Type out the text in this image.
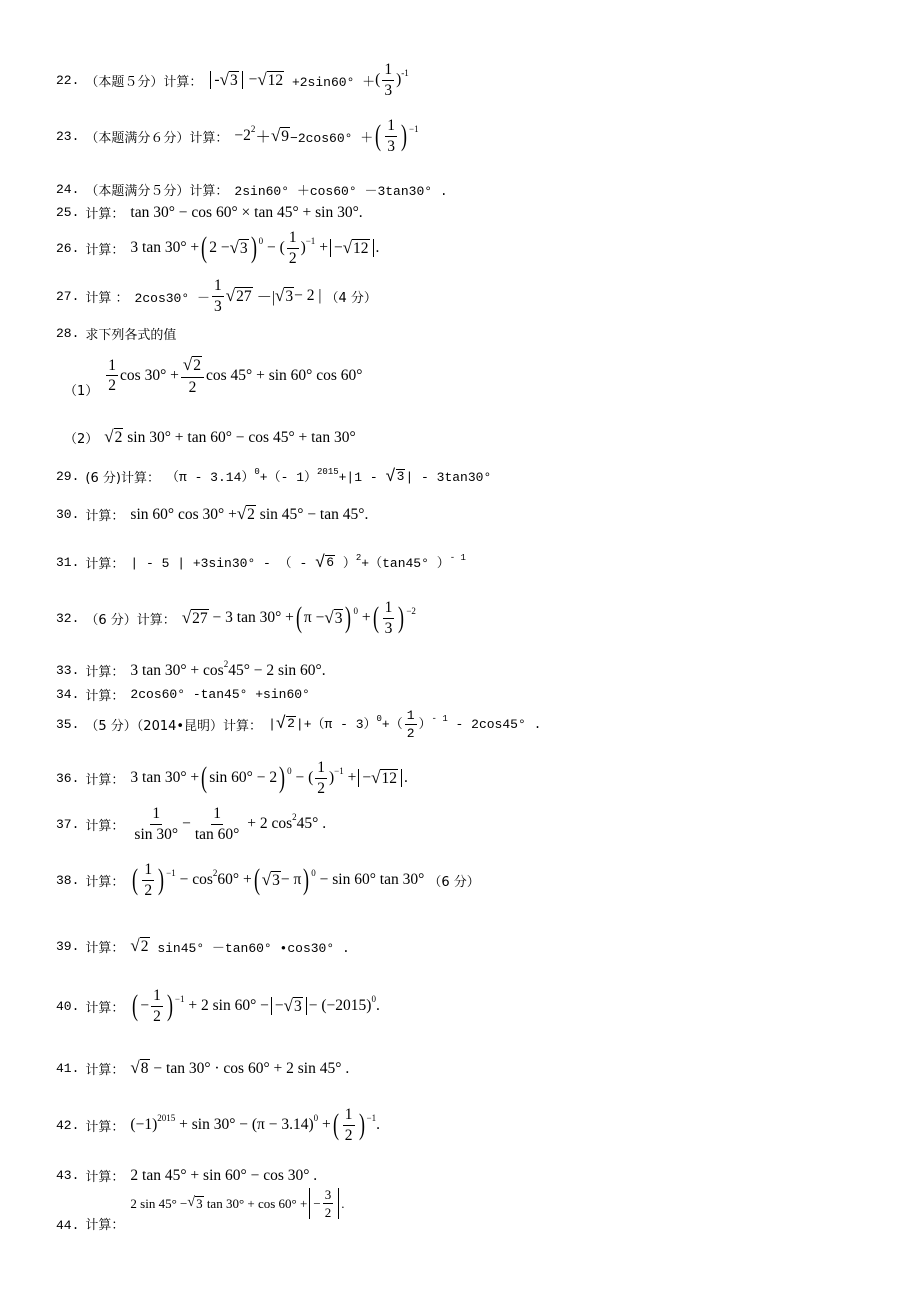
22. （本题５分）计算： - √ 3 − √ 12 +2sin60° ＋ ( $\frac{1}{3} )^{-1}$
23. （本题满分６分）计算： $-2^2$ ＋ √ 9 −2cos60° ＋ ( $\frac{1}{3} )^{-1}$
24. （本题满分５分）计算： 2sin60° ＋cos60° －3tan30° .
25. 计算： tan 30° − cos 60° × tan 45° + sin 30°.
26. 计算： 3 tan 30° + ( 2 − √ 3 )$^0$ − ( $\frac{1}{2} )^{-1}$ + − √ 12 .
27. 计算 ： $2\cos 30^\circ - \frac{1}{3}$ √ 27 －| √ 3 − 2 | （4 分）
28. 求下列各式的值
$(1) \frac{1}{2}$ $\cos 30^\circ + \frac{√ 2}{2}$ cos 45° + sin 60° cos 60°
（2） √ 2 sin 30° + tan 60° − cos 45° + tan 30°
29. (6 分)计算： （π - 3.14）$^0$+（- 1）$^{2015}$+|1 - √ 3 | - 3tan30°
30. 计算： sin 60° cos 30° + √ 2 sin 45° − tan 45°.
31. 计算： | - 5 | +3sin30° - （ - √ 6 ）$^2$+（tan45° ）$^{- 1}$
32. （6 分）计算： √ 27 − 3 tan 30° + ( π − √ 3 )$^0$ + ( $\frac{1}{3} )^{-2}$
33. 计算： 3 $\tan 30^\circ + \cos^2 45^\circ - 2$ sin 60°.
34. 计算： 2cos60° -tan45° +sin60°
35. （5 分）（2014•昆明）计算： | √ 2 $|+(\pi - 3)^0+( \frac{1}{2} )^{- 1} - 2\cos 45^\circ$ .
36. 计算： 3 tan 30° + ( sin 60° − 2 )$^0$ − ( $\frac{1}{2} )^{-1}$ + − √ 12 .
37. 计算： $\frac{1}{\sin 30^\circ} - \frac{1}{\tan 60^\circ} + 2$ $\cos^2 45^\circ$ .
38. 计算： ( $\frac{1}{2} )^{-1} - \cos^2 60^\circ$ + ( √ 3 − π )$^0$ − sin 60° tan 30° （6 分）
39. 计算： √ 2 sin45° －tan60° •cos30° .
40. 计算： ( − $\frac{1}{2} )^{-1} + 2$ sin 60° − − √ $3 - (-2015)^0$ .
41. 计算： √ 8 − tan 30° · cos 60° + 2 sin 45° .
42. 计算： $(-1)^{2015} + \sin 30^\circ - (\pi - 3.14)^0$ + ( $\frac{1}{2} )^{-1}$ .
43. 计算： 2 tan 45° + sin 60° − cos 30° .
44. 计算：
2 sin 45° − √ 3 tan 30° + cos 60° + − $\frac{3}{2}$ .
